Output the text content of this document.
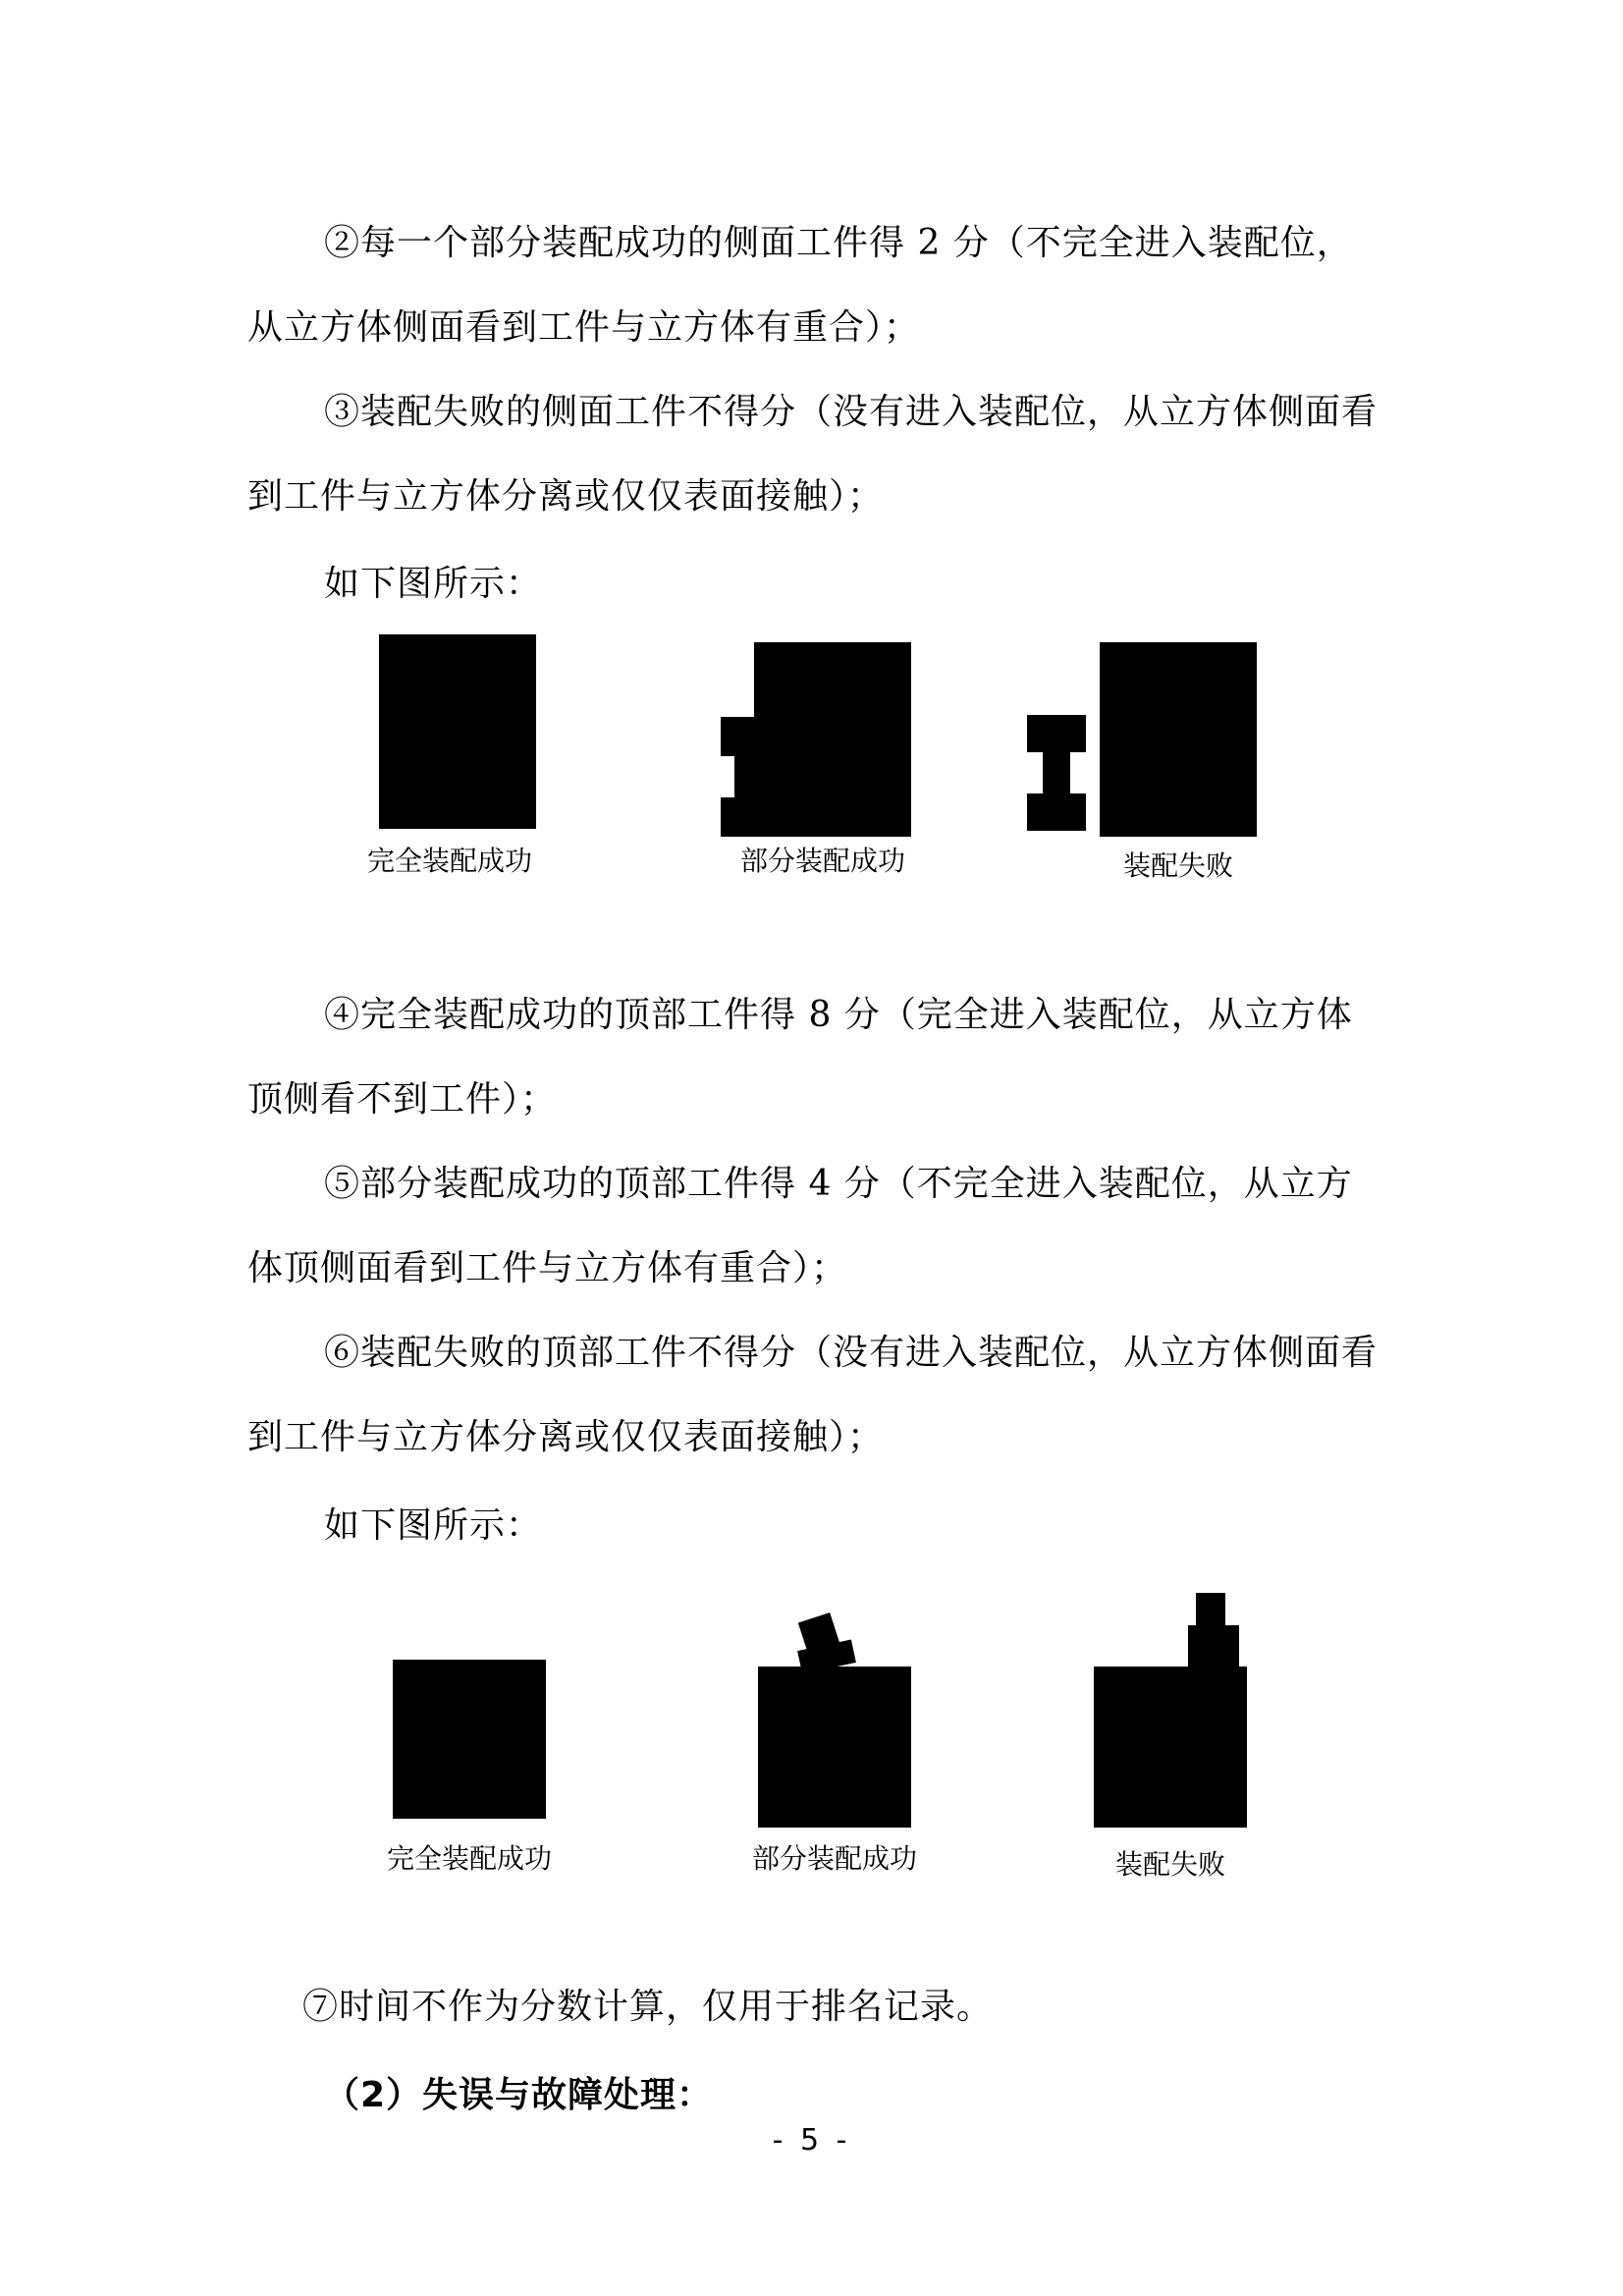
②每一个部分装配成功的侧面工件得 2 分（不完全进入装配位，从立方体侧面看到工件与立方体有重合）；

③装配失败的侧面工件不得分（没有进入装配位，从立方体侧面看到工件与立方体分离或仅仅表面接触）；

如下图所示：

完全装配成功	部分装配成功	装配失败

④完全装配成功的顶部工件得 8 分（完全进入装配位，从立方体顶侧看不到工件）；

⑤部分装配成功的顶部工件得 4 分（不完全进入装配位，从立方体顶侧面看到工件与立方体有重合）；

⑥装配失败的顶部工件不得分（没有进入装配位，从立方体侧面看到工件与立方体分离或仅仅表面接触）；

如下图所示：

完全装配成功	部分装配成功	装配失败

⑦时间不作为分数计算，仅用于排名记录。

（2）失误与故障处理：

- 5 -
